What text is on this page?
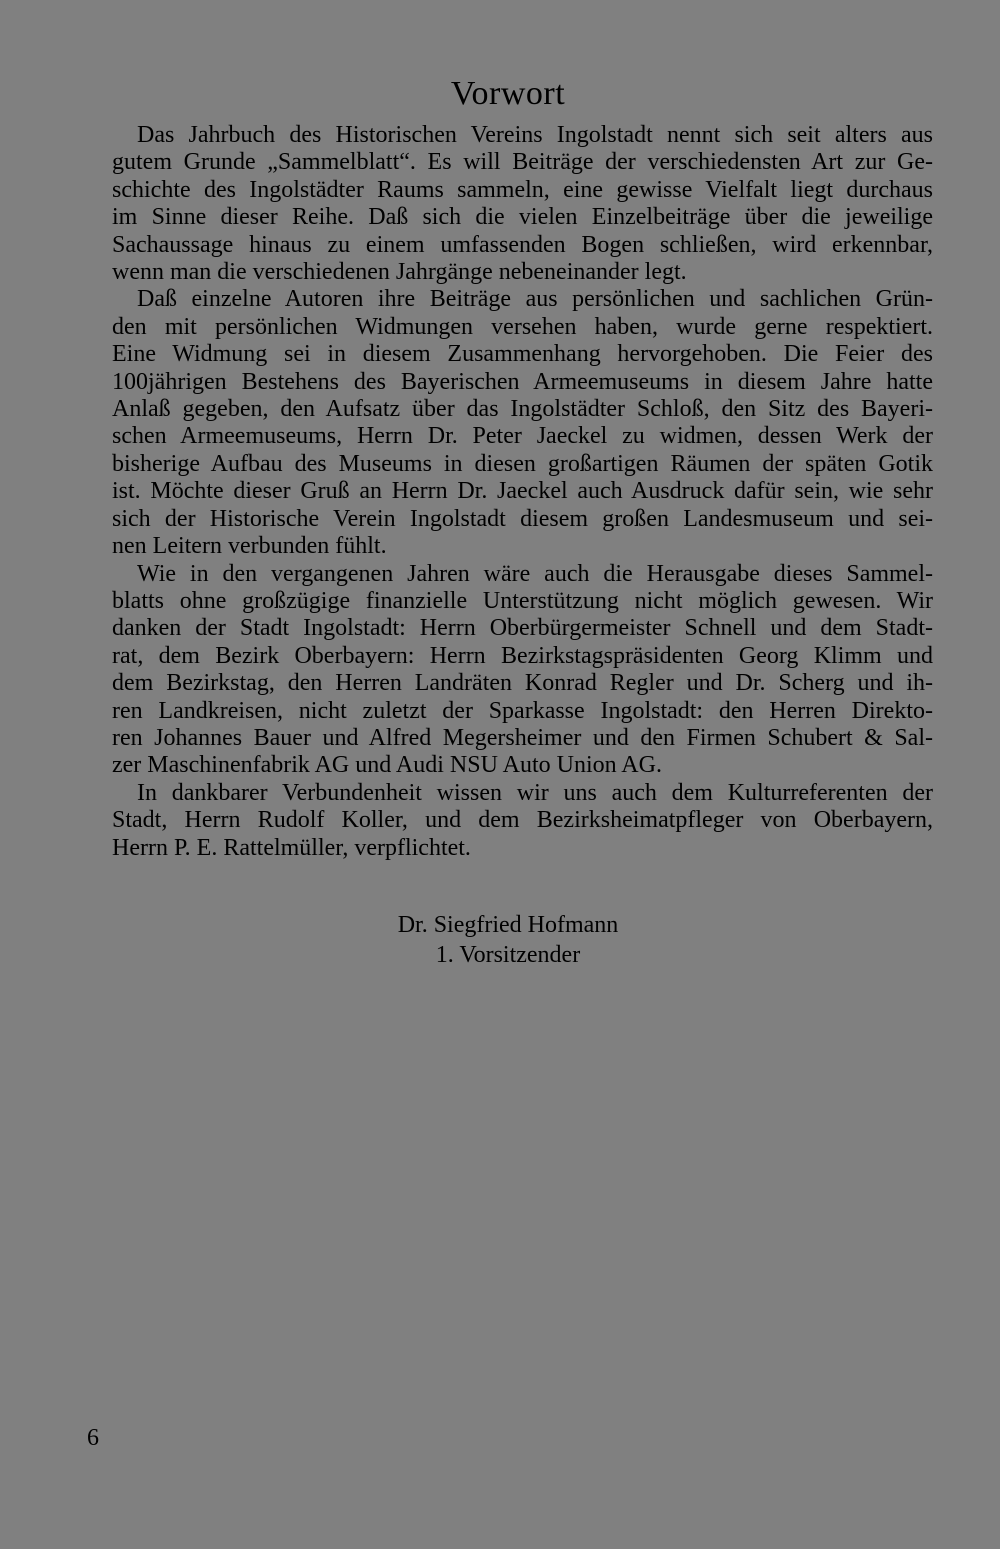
Vorwort

Das Jahrbuch des Historischen Vereins Ingolstadt nennt sich seit alters aus
gutem Grunde „Sammelblatt“. Es will Beiträge der verschiedensten Art zur Ge-
schichte des Ingolstädter Raums sammeln, eine gewisse Vielfalt liegt durchaus
im Sinne dieser Reihe. Daß sich die vielen Einzelbeiträge über die jeweilige
Sachaussage hinaus zu einem umfassenden Bogen schließen, wird erkennbar,
wenn man die verschiedenen Jahrgänge nebeneinander legt.

Daß einzelne Autoren ihre Beiträge aus persönlichen und sachlichen Grün-
den mit persönlichen Widmungen versehen haben, wurde gerne respektiert.
Eine Widmung sei in diesem Zusammenhang hervorgehoben. Die Feier des
100jährigen Bestehens des Bayerischen Armeemuseums in diesem Jahre hatte
Anlaß gegeben, den Aufsatz über das Ingolstädter Schloß, den Sitz des Bayeri-
schen Armeemuseums, Herrn Dr. Peter Jaeckel zu widmen, dessen Werk der
bisherige Aufbau des Museums in diesen großartigen Räumen der späten Gotik
ist. Möchte dieser Gruß an Herrn Dr. Jaeckel auch Ausdruck dafür sein, wie sehr
sich der Historische Verein Ingolstadt diesem großen Landesmuseum und sei-
nen Leitern verbunden fühlt.

Wie in den vergangenen Jahren wäre auch die Herausgabe dieses Sammel-
blatts ohne großzügige finanzielle Unterstützung nicht möglich gewesen. Wir
danken der Stadt Ingolstadt: Herrn Oberbürgermeister Schnell und dem Stadt-
rat, dem Bezirk Oberbayern: Herrn Bezirkstagspräsidenten Georg Klimm und
dem Bezirkstag, den Herren Landräten Konrad Regler und Dr. Scherg und ih-
ren Landkreisen, nicht zuletzt der Sparkasse Ingolstadt: den Herren Direkto-
ren Johannes Bauer und Alfred Megersheimer und den Firmen Schubert & Sal-
zer Maschinenfabrik AG und Audi NSU Auto Union AG.

In dankbarer Verbundenheit wissen wir uns auch dem Kulturreferenten der
Stadt, Herrn Rudolf Koller, und dem Bezirksheimatpfleger von Oberbayern,
Herrn P. E. Rattelmüller, verpflichtet.

Dr. Siegfried Hofmann
1. Vorsitzender
6
